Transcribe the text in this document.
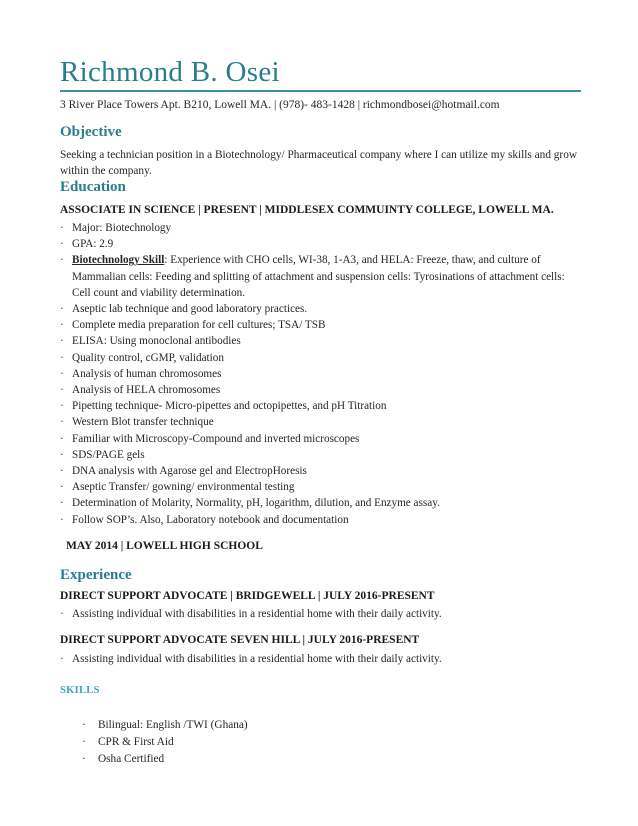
Richmond B. Osei
3 River Place Towers Apt. B210, Lowell MA. | (978)- 483-1428 | richmondbosei@hotmail.com
Objective
Seeking a technician position in a Biotechnology/ Pharmaceutical company where I can utilize my skills and grow within the company.
Education
ASSOCIATE IN SCIENCE | PRESENT | MIDDLESEX COMMUINTY COLLEGE, LOWELL MA.
· Major: Biotechnology
· GPA: 2.9
· Biotechnology Skill: Experience with CHO cells, WI-38, 1-A3, and HELA: Freeze, thaw, and culture of Mammalian cells: Feeding and splitting of attachment and suspension cells: Tyrosinations of attachment cells: Cell count and viability determination.
· Aseptic lab technique and good laboratory practices.
· Complete media preparation for cell cultures; TSA/ TSB
· ELISA: Using monoclonal antibodies
· Quality control, cGMP, validation
· Analysis of human chromosomes
· Analysis of HELA chromosomes
· Pipetting technique- Micro-pipettes and octopipettes, and pH Titration
· Western Blot transfer technique
· Familiar with Microscopy-Compound and inverted microscopes
· SDS/PAGE gels
· DNA analysis with Agarose gel and ElectropHoresis
· Aseptic Transfer/ gowning/ environmental testing
· Determination of Molarity, Normality, pH, logarithm, dilution, and Enzyme assay.
· Follow SOP’s. Also, Laboratory notebook and documentation
MAY 2014 | LOWELL HIGH SCHOOL
Experience
DIRECT SUPPORT ADVOCATE | BRIDGEWELL | JULY 2016-PRESENT
· Assisting individual with disabilities in a residential home with their daily activity.
DIRECT SUPPORT ADVOCATE SEVEN HILL | JULY 2016-PRESENT
· Assisting individual with disabilities in a residential home with their daily activity.
SKILLS
· Bilingual: English /TWI (Ghana)
· CPR & First Aid
· Osha Certified
